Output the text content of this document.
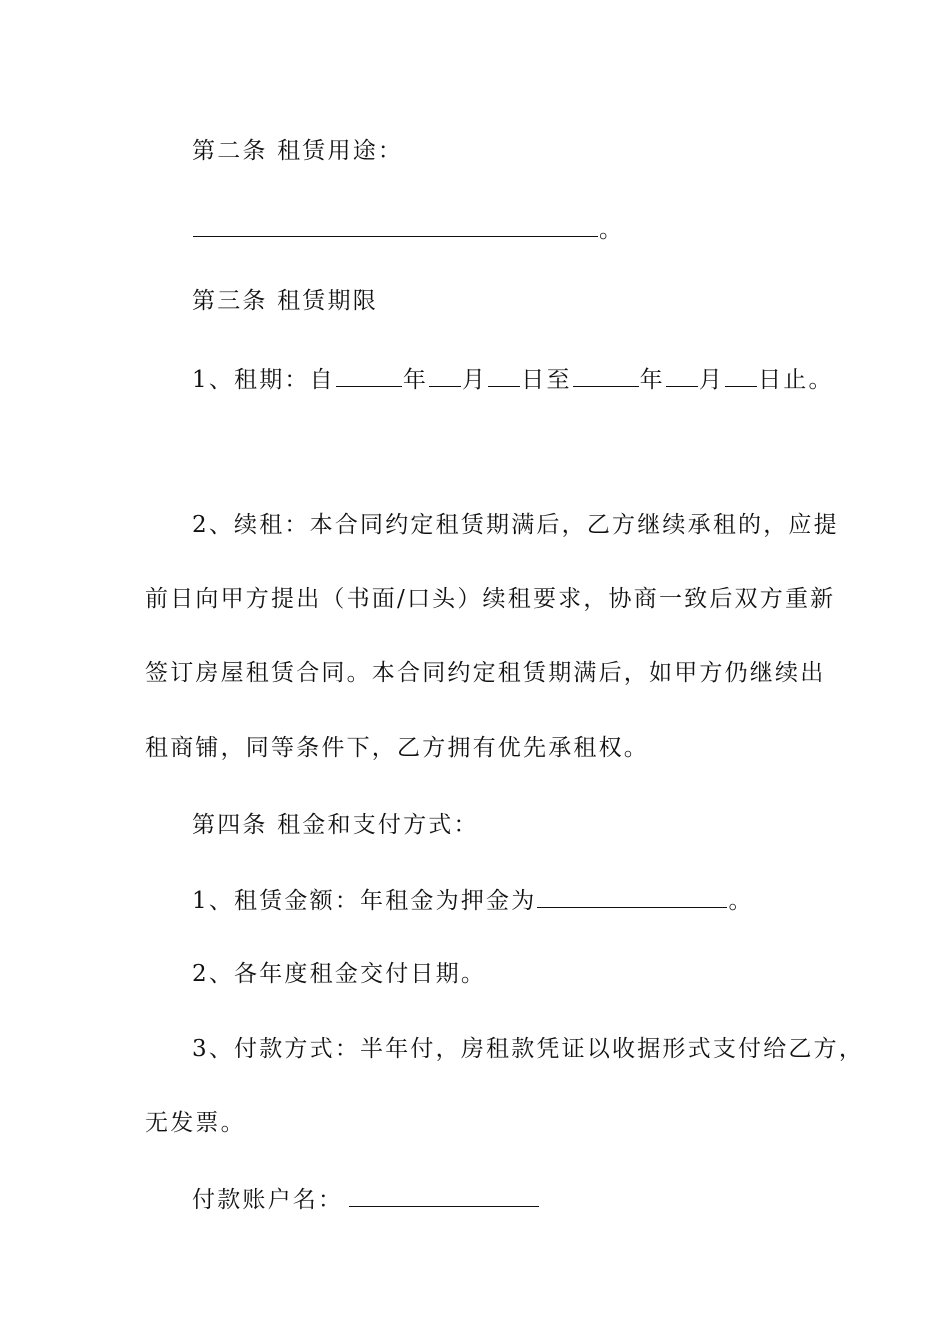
第二条 租赁用途：
。
第三条 租赁期限
1、租期：自	年 月 日至	年 月 日止。
2、续租：本合同约定租赁期满后，乙方继续承租的，应提
前日向甲方提出（书面/口头）续租要求，协商一致后双方重新
签订房屋租赁合同。本合同约定租赁期满后，如甲方仍继续出
租商铺，同等条件下，乙方拥有优先承租权。
第四条 租金和支付方式：
1、租赁金额：年租金为押金为	。
2、各年度租金交付日期。
3、付款方式：半年付，房租款凭证以收据形式支付给乙方，
无发票。
付款账户名：
